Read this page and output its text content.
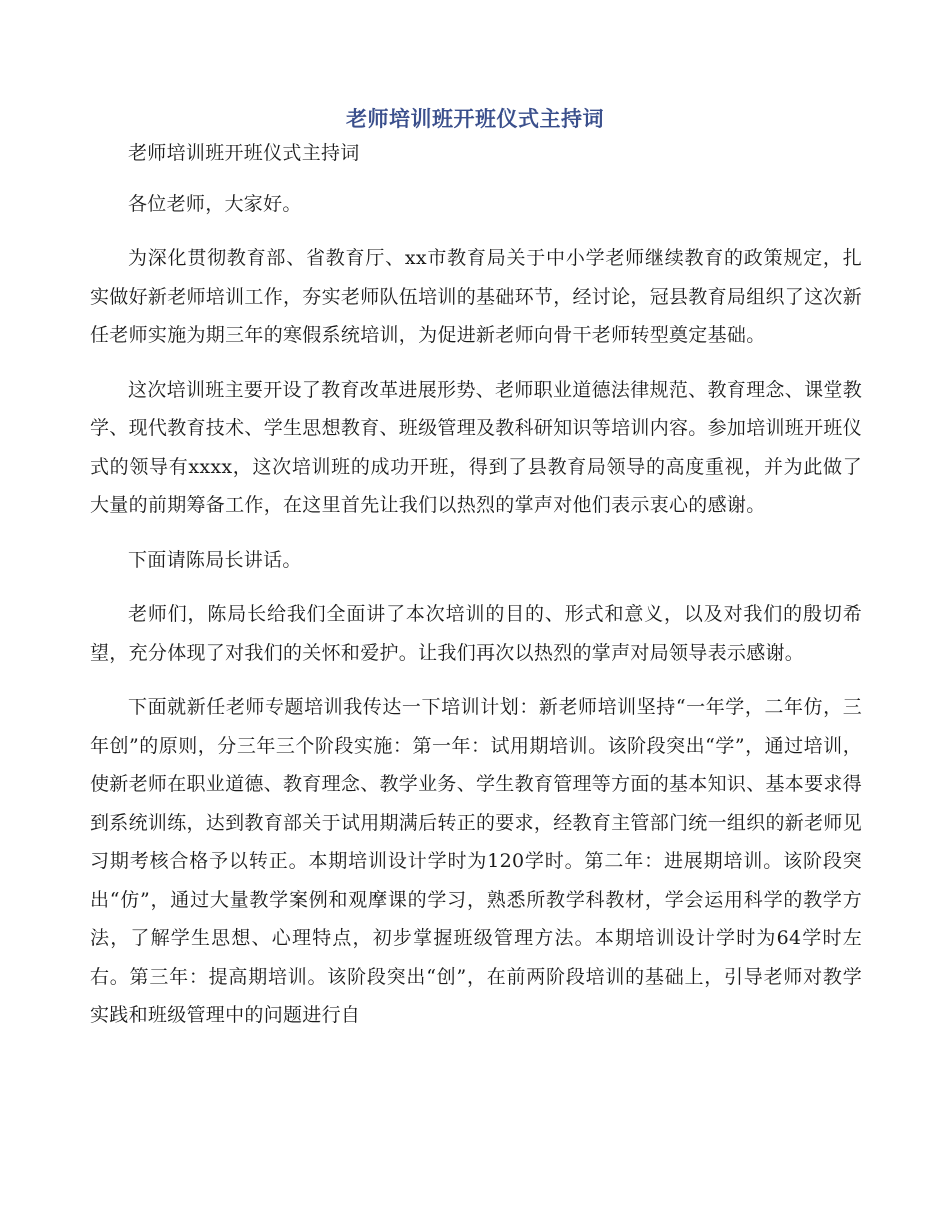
老师培训班开班仪式主持词

老师培训班开班仪式主持词

各位老师，大家好。

为深化贯彻教育部、省教育厅、xx市教育局关于中小学老师继续教育的政策规定，扎实做好新老师培训工作，夯实老师队伍培训的基础环节，经讨论，冠县教育局组织了这次新任老师实施为期三年的寒假系统培训，为促进新老师向骨干老师转型奠定基础。

这次培训班主要开设了教育改革进展形势、老师职业道德法律规范、教育理念、课堂教学、现代教育技术、学生思想教育、班级管理及教科研知识等培训内容。参加培训班开班仪式的领导有xxxx，这次培训班的成功开班，得到了县教育局领导的高度重视，并为此做了大量的前期筹备工作，在这里首先让我们以热烈的掌声对他们表示衷心的感谢。

下面请陈局长讲话。

老师们，陈局长给我们全面讲了本次培训的目的、形式和意义，以及对我们的殷切希望，充分体现了对我们的关怀和爱护。让我们再次以热烈的掌声对局领导表示感谢。

下面就新任老师专题培训我传达一下培训计划：新老师培训坚持“一年学，二年仿，三年创”的原则，分三年三个阶段实施：第一年：试用期培训。该阶段突出“学”，通过培训，使新老师在职业道德、教育理念、教学业务、学生教育管理等方面的基本知识、基本要求得到系统训练，达到教育部关于试用期满后转正的要求，经教育主管部门统一组织的新老师见习期考核合格予以转正。本期培训设计学时为120学时。第二年：进展期培训。该阶段突出“仿”，通过大量教学案例和观摩课的学习，熟悉所教学科教材，学会运用科学的教学方法，了解学生思想、心理特点，初步掌握班级管理方法。本期培训设计学时为64学时左右。第三年：提高期培训。该阶段突出“创”，在前两阶段培训的基础上，引导老师对教学实践和班级管理中的问题进行自
